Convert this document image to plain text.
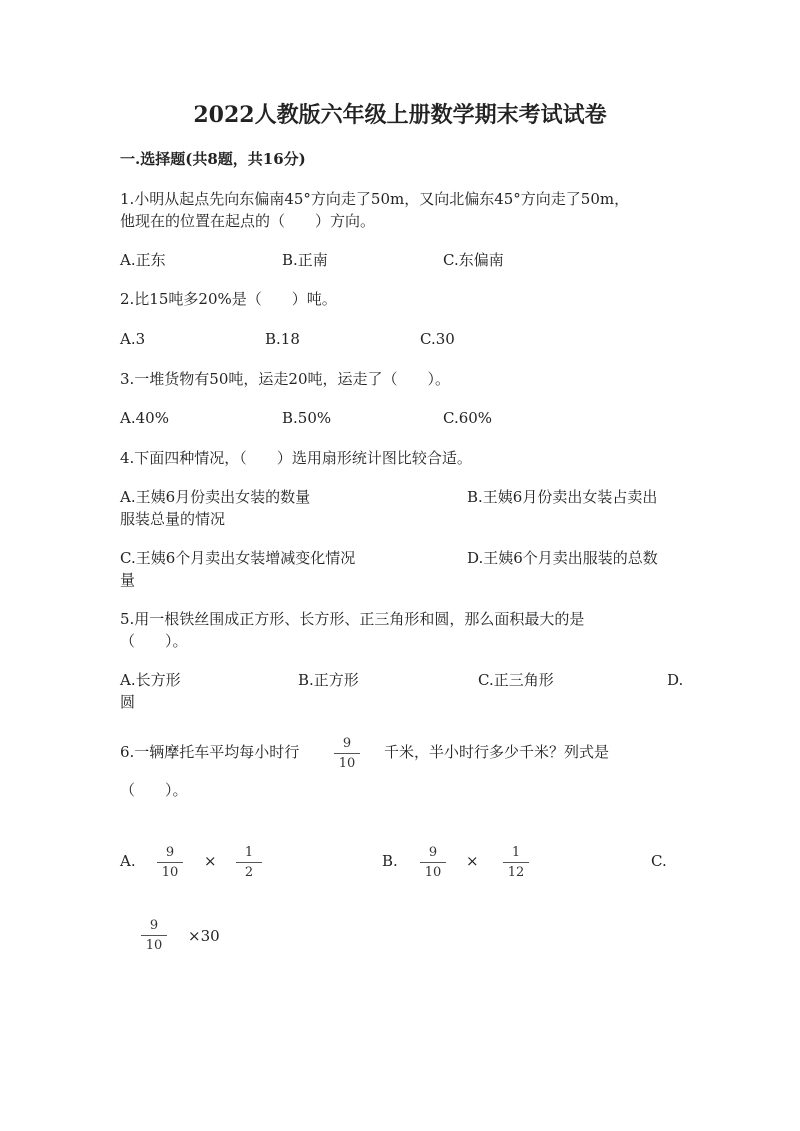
2022人教版六年级上册数学期末考试试卷
一.选择题(共8题，共16分)
1.小明从起点先向东偏南45°方向走了50m，又向北偏东45°方向走了50m，
他现在的位置在起点的（　　）方向。
A.正东	B.正南	C.东偏南
2.比15吨多20%是（　　）吨。
A.3	B.18	C.30
3.一堆货物有50吨，运走20吨，运走了（　　）。
A.40%	B.50%	C.60%
4.下面四种情况，（　　）选用扇形统计图比较合适。
A.王姨6月份卖出女装的数量	B.王姨6月份卖出女装占卖出
服装总量的情况
C.王姨6个月卖出女装增减变化情况	D.王姨6个月卖出服装的总数
量
5.用一根铁丝围成正方形、长方形、正三角形和圆，那么面积最大的是
（　　）。
A.长方形	B.正方形	C.正三角形	D.
圆
6.一辆摩托车平均每小时行	9
10
千米，半小时行多少千米？列式是
（　　）。
A.	9
10
×	1
2
B.	9
10
×	1
12
C.
9
10
×30
